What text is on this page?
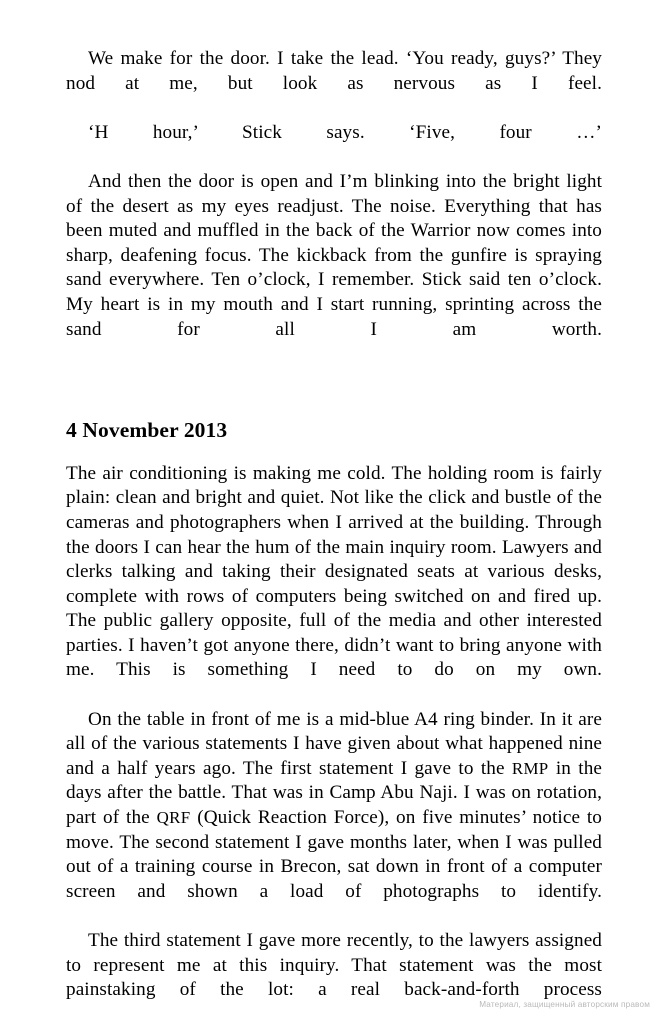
We make for the door. I take the lead. ‘You ready, guys?’ They nod at me, but look as nervous as I feel.

‘H hour,’ Stick says. ‘Five, four …’

And then the door is open and I’m blinking into the bright light of the desert as my eyes readjust. The noise. Everything that has been muted and muffled in the back of the Warrior now comes into sharp, deafening focus. The kickback from the gunfire is spraying sand everywhere. Ten o’clock, I remember. Stick said ten o’clock. My heart is in my mouth and I start running, sprinting across the sand for all I am worth.

4 November 2013

The air conditioning is making me cold. The holding room is fairly plain: clean and bright and quiet. Not like the click and bustle of the cameras and photographers when I arrived at the building. Through the doors I can hear the hum of the main inquiry room. Lawyers and clerks talking and taking their designated seats at various desks, complete with rows of computers being switched on and fired up. The public gallery opposite, full of the media and other interested parties. I haven’t got anyone there, didn’t want to bring anyone with me. This is something I need to do on my own.

On the table in front of me is a mid-blue A4 ring binder. In it are all of the various statements I have given about what happened nine and a half years ago. The first statement I gave to the RMP in the days after the battle. That was in Camp Abu Naji. I was on rotation, part of the QRF (Quick Reaction Force), on five minutes’ notice to move. The second statement I gave months later, when I was pulled out of a training course in Brecon, sat down in front of a computer screen and shown a load of photographs to identify.

The third statement I gave more recently, to the lawyers assigned to represent me at this inquiry. That statement was the most painstaking of the lot: a real back-and-forth process

Материал, защищенный авторским правом
